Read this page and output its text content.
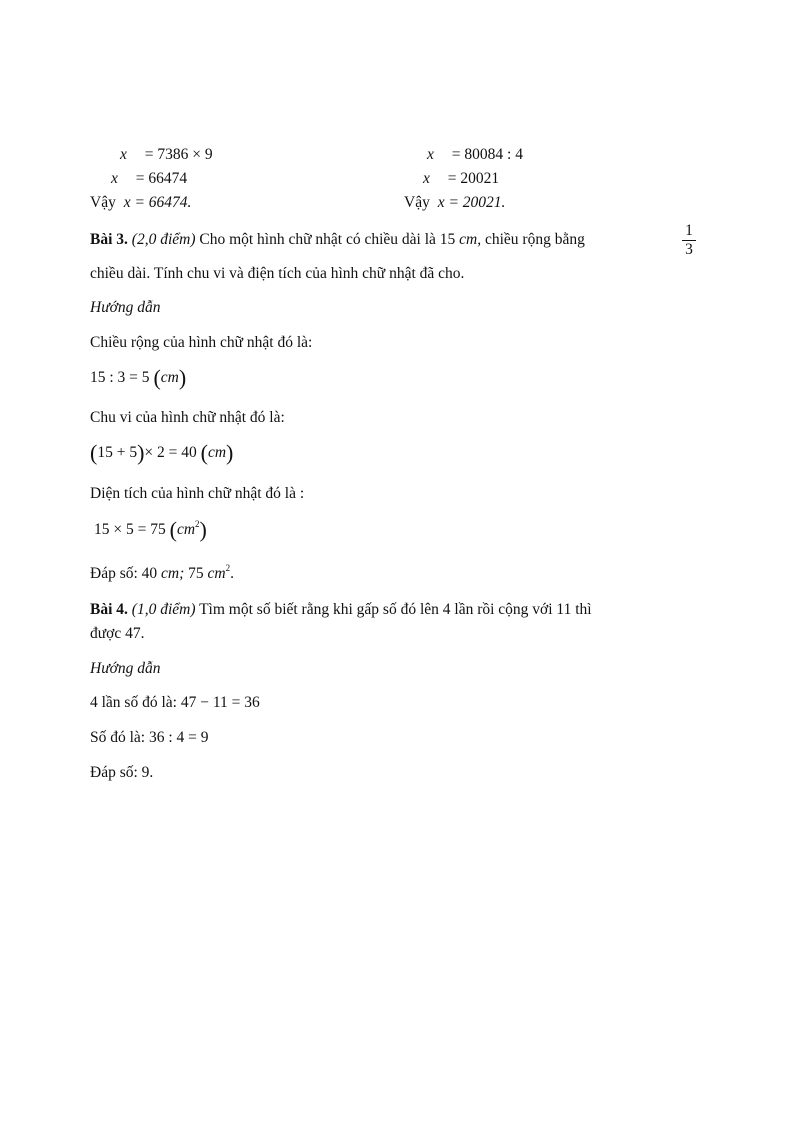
x = 7386 × 9
x = 66474
Vậy x = 66474.
x = 80084 : 4
x = 20021
Vậy x = 20021.
Bài 3. (2,0 điểm) Cho một hình chữ nhật có chiều dài là 15 cm, chiều rộng bằng	$\frac{1}{3}$
chiều dài. Tính chu vi và điện tích của hình chữ nhật đã cho.
Hướng dẫn
Chiều rộng của hình chữ nhật đó là:
15 : 3 = 5 (cm)
Chu vi của hình chữ nhật đó là:
(15 + 5)× 2 = 40 (cm)
Diện tích của hình chữ nhật đó là :
15 × 5 = 75 $(cm^2)$
Đáp số: 40 cm; 75 $cm^2$.
Bài 4. (1,0 điểm) Tìm một số biết rằng khi gấp số đó lên 4 lần rồi cộng với 11 thì
được 47.
Hướng dẫn
4 lần số đó là: 47 − 11 = 36
Số đó là: 36 : 4 = 9
Đáp số: 9.
